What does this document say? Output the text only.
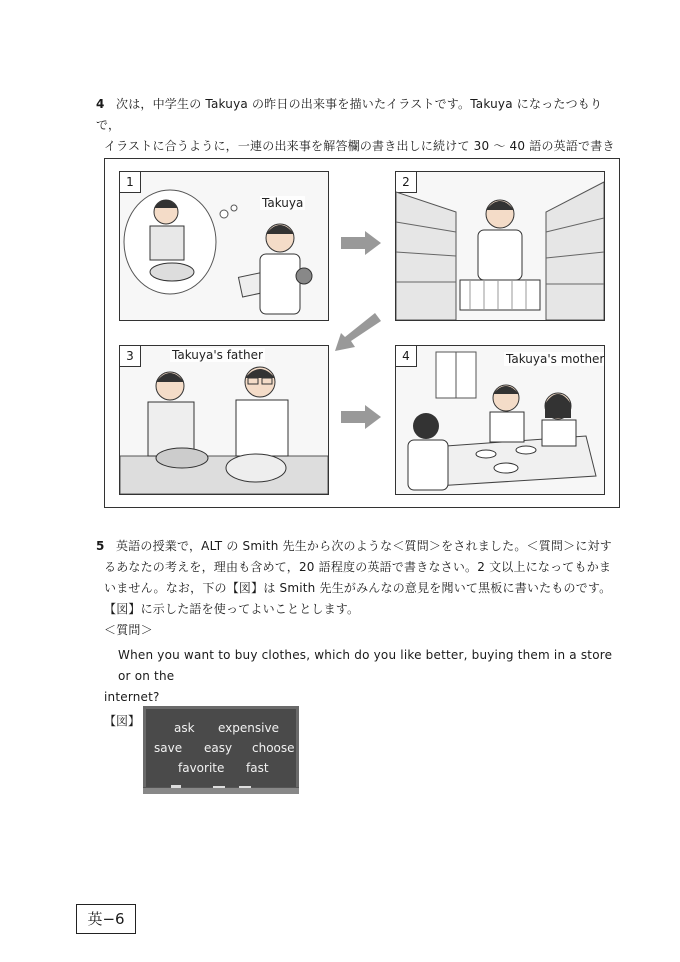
4 次は，中学生の Takuya の昨日の出来事を描いたイラストです。Takuya になったつもりで，

イラストに合うように，一連の出来事を解答欄の書き出しに続けて 30 ～ 40 語の英語で書き

1
Takuya
2
3	Takuya's father	4	Takuya's mother

5 英語の授業で，ALT の Smith 先生から次のような＜質問＞をされました。＜質問＞に対す

るあなたの考えを，理由も含めて，20 語程度の英語で書きなさい。2 文以上になってもかま

いません。なお，下の【図】は Smith 先生がみんなの意見を聞いて黒板に書いたものです。

【図】に示した語を使ってよいこととします。

＜質問＞

When you want to buy clothes, which do you like better, buying them in a store or on the

internet?

【図】	ask expensive
save easy choose
favorite fast
英−6
